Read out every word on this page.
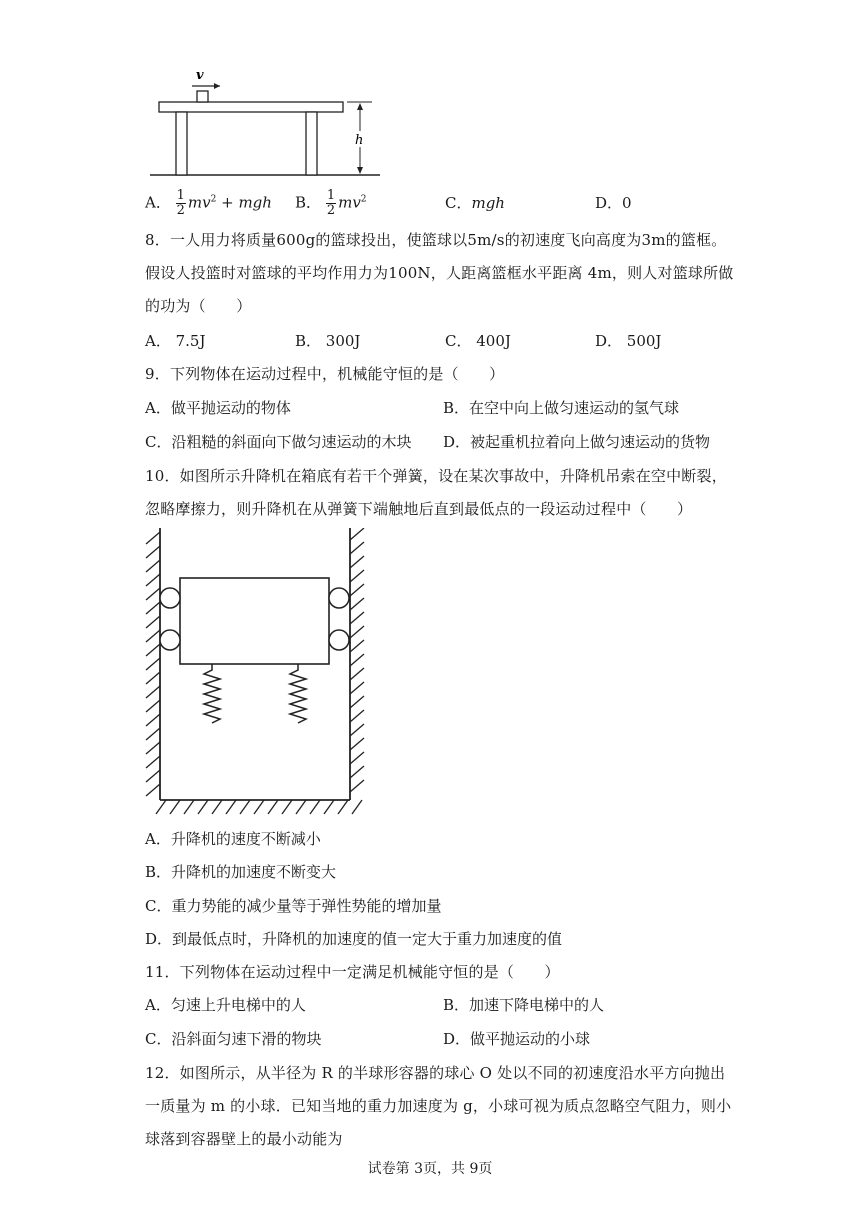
v
h
A． $\frac{1}{2} mv^2$ + mgh B． $\frac{1}{2} mv^2$	C．mgh	D．0
8．一人用力将质量600g的篮球投出，使篮球以5m/s的初速度飞向高度为3m的篮框。
假设人投篮时对篮球的平均作用力为100N，人距离篮框水平距离 4m，则人对篮球所做
的功为（　　）
A． 7.5J	B． 300J	C． 400J	D． 500J
9．下列物体在运动过程中，机械能守恒的是（　　）
A．做平抛运动的物体	B．在空中向上做匀速运动的氢气球
C．沿粗糙的斜面向下做匀速运动的木块 D．被起重机拉着向上做匀速运动的货物
10．如图所示升降机在箱底有若干个弹簧，设在某次事故中，升降机吊索在空中断裂，
忽略摩擦力，则升降机在从弹簧下端触地后直到最低点的一段运动过程中（　　）
A．升降机的速度不断减小
B．升降机的加速度不断变大
C．重力势能的减少量等于弹性势能的增加量
D．到最低点时，升降机的加速度的值一定大于重力加速度的值
11．下列物体在运动过程中一定满足机械能守恒的是（　　）
A．匀速上升电梯中的人	B．加速下降电梯中的人
C．沿斜面匀速下滑的物块	D．做平抛运动的小球
12．如图所示，从半径为 R 的半球形容器的球心 O 处以不同的初速度沿水平方向抛出
一质量为 m 的小球．已知当地的重力加速度为 g，小球可视为质点忽略空气阻力，则小
球落到容器壁上的最小动能为
试卷第 3页，共 9页
